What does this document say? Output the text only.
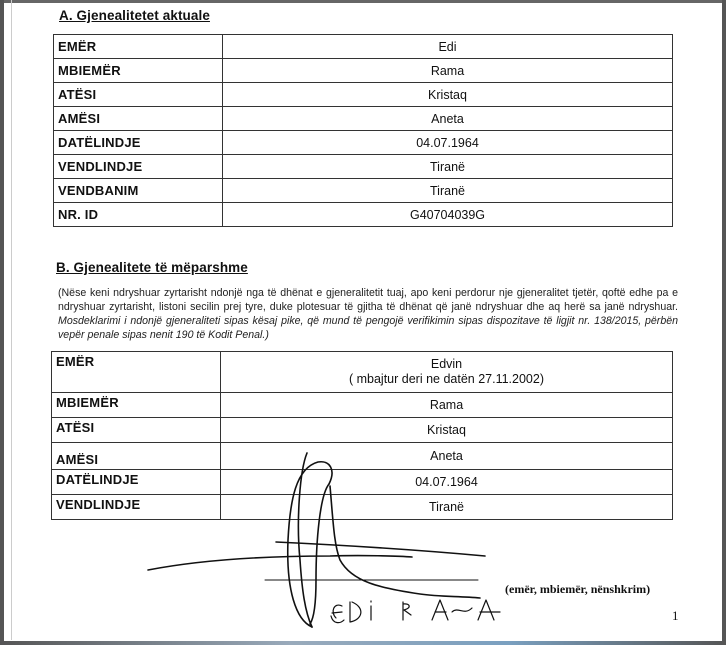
A. Gjenealitetet aktuale
EMËR	Edi
MBIEMËR	Rama
ATËSI	Kristaq
AMËSI	Aneta
DATËLINDJE	04.07.1964
VENDLINDJE	Tiranë
VENDBANIM	Tiranë
NR. ID	G40704039G
B. Gjenealitete të mëparshme
(Nëse keni ndryshuar zyrtarisht ndonjë nga të dhënat e gjeneralitetit tuaj, apo keni perdorur nje gjeneralitet tjetër, qoftë edhe pa e ndryshuar zyrtarisht, listoni secilin prej tyre, duke plotesuar të gjitha të dhënat që janë ndryshuar dhe aq herë sa janë ndryshuar. Mosdeklarimi i ndonjë gjeneraliteti sipas kësaj pike, që mund të pengojë verifikimin sipas dispozitave të ligjit nr. 138/2015, përbën vepër penale sipas nenit 190 të Kodit Penal.)
EMËR	Edvin
( mbajtur deri ne datën 27.11.2002)

MBIEMËR	Rama
ATËSI	Kristaq
AMËSI	Aneta
DATËLINDJE	04.07.1964
VENDLINDJE	Tiranë
(emër, mbiemër, nënshkrim)
1
